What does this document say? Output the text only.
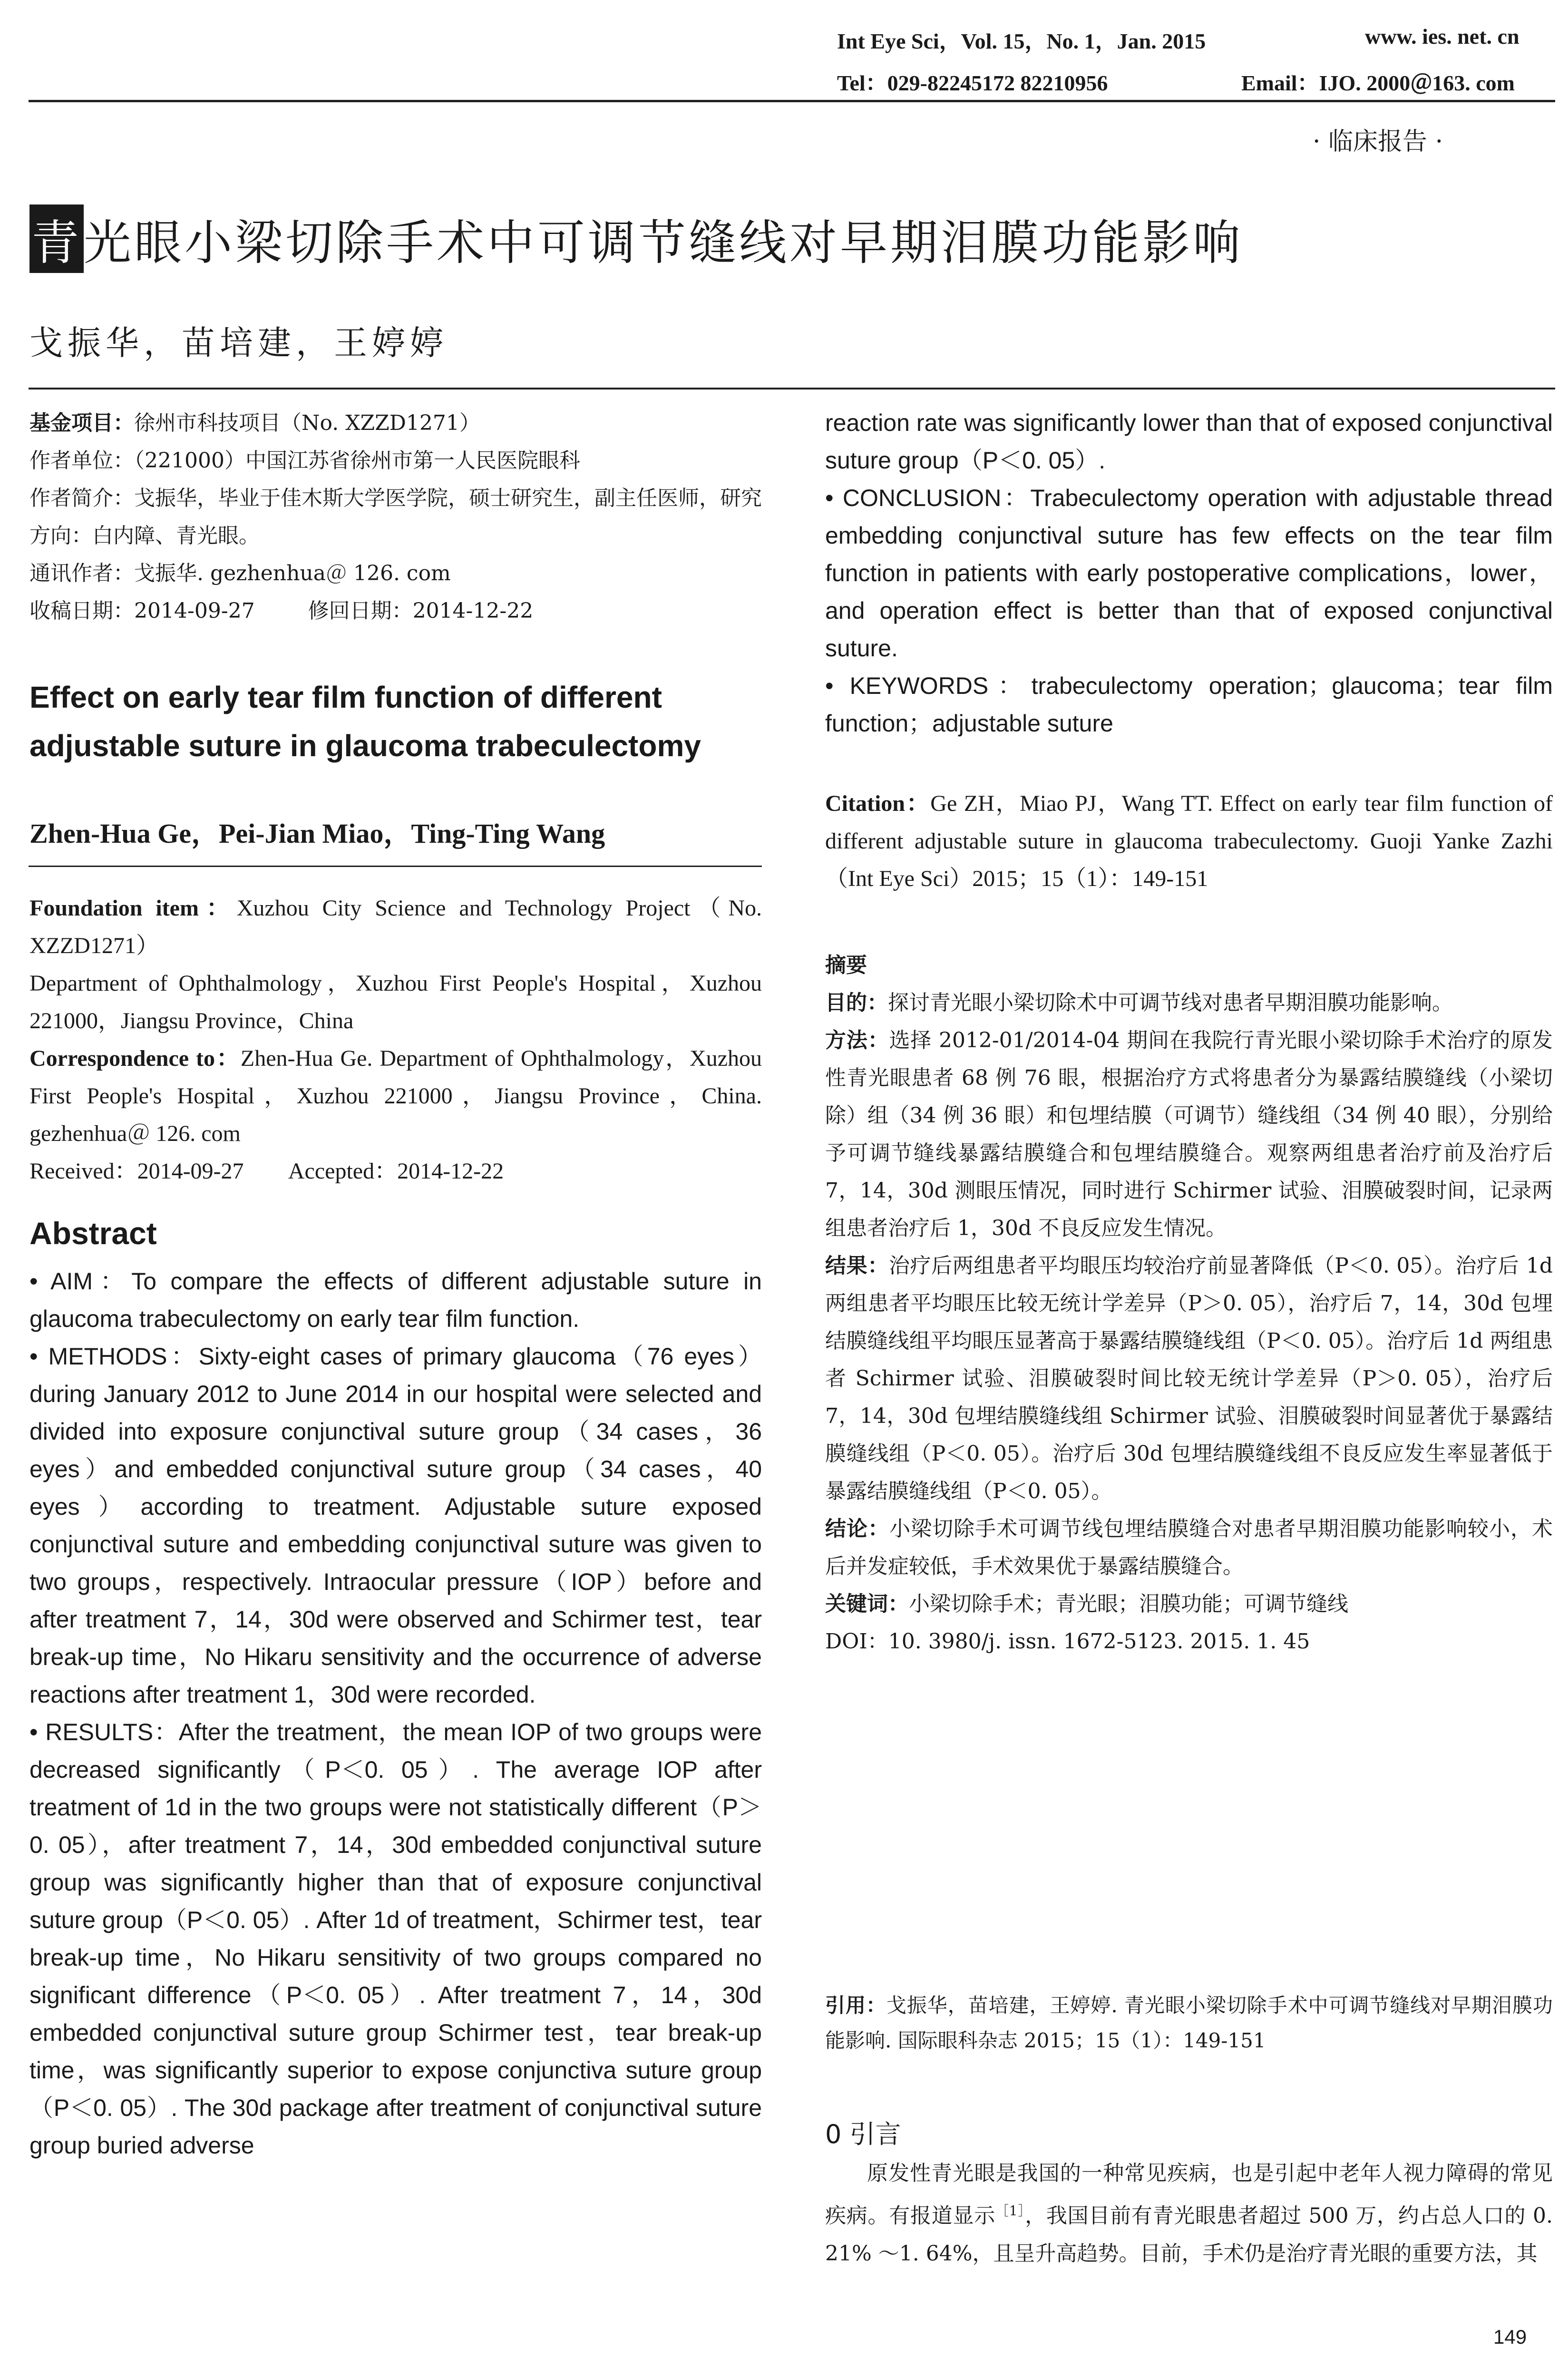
Int Eye Sci，Vol. 15，No. 1，Jan. 2015	www. ies. net. cn
Tel：029-82245172 82210956	Email：IJO. 2000＠163. com
· 临床报告 ·
青光眼小梁切除手术中可调节缝线对早期泪膜功能影响
戈振华，苗培建，王婷婷

基金项目：徐州市科技项目（No. XZZD1271）

作者单位：（221000）中国江苏省徐州市第一人民医院眼科

作者简介：戈振华，毕业于佳木斯大学医学院，硕士研究生，副主任医师，研究方向：白内障、青光眼。

通讯作者：戈振华. gezhenhua＠ 126. com

收稿日期：2014-09-27        修回日期：2014-12-22

Effect on early tear film function of different adjustable suture in glaucoma trabeculectomy
Zhen-Hua Ge，Pei-Jian Miao，Ting-Ting Wang

Foundation item：Xuzhou City Science and Technology Project（No. XZZD1271）

Department of Ophthalmology，Xuzhou First People's Hospital，Xuzhou 221000，Jiangsu Province，China

Correspondence to：Zhen-Hua Ge. Department of Ophthalmology，Xuzhou First People's Hospital，Xuzhou 221000，Jiangsu Province，China. gezhenhua＠ 126. com

Received：2014-09-27        Accepted：2014-12-22

Abstract

• AIM：To compare the effects of different adjustable suture in glaucoma trabeculectomy on early tear film function.

• METHODS：Sixty-eight cases of primary glaucoma（76 eyes）during January 2012 to June 2014 in our hospital were selected and divided into exposure conjunctival suture group（34 cases，36 eyes）and embedded conjunctival suture group（34 cases，40 eyes）according to treatment. Adjustable suture exposed conjunctival suture and embedding conjunctival suture was given to two groups，respectively. Intraocular pressure（IOP）before and after treatment 7，14，30d were observed and Schirmer test，tear break-up time，No Hikaru sensitivity and the occurrence of adverse reactions after treatment 1，30d were recorded.

• RESULTS：After the treatment，the mean IOP of two groups were decreased significantly（P＜0. 05）. The average IOP after treatment of 1d in the two groups were not statistically different（P＞0. 05），after treatment 7，14，30d embedded conjunctival suture group was significantly higher than that of exposure conjunctival suture group（P＜0. 05）. After 1d of treatment，Schirmer test，tear break-up time，No Hikaru sensitivity of two groups compared no significant difference（P＜0. 05）. After treatment 7，14，30d embedded conjunctival suture group Schirmer test，tear break-up time，was significantly superior to expose conjunctiva suture group（P＜0. 05）. The 30d package after treatment of conjunctival suture group buried adverse

reaction rate was significantly lower than that of exposed conjunctival suture group（P＜0. 05）.

• CONCLUSION：Trabeculectomy operation with adjustable thread embedding conjunctival suture has few effects on the tear film function in patients with early postoperative complications，lower，and operation effect is better than that of exposed conjunctival suture.

• KEYWORDS：trabeculectomy operation；glaucoma；tear film function；adjustable suture

Citation：Ge ZH，Miao PJ，Wang TT. Effect on early tear film function of different adjustable suture in glaucoma trabeculectomy. Guoji Yanke Zazhi（Int Eye Sci）2015；15（1）：149-151

摘要

目的：探讨青光眼小梁切除术中可调节线对患者早期泪膜功能影响。

方法：选择 2012-01/2014-04 期间在我院行青光眼小梁切除手术治疗的原发性青光眼患者 68 例 76 眼，根据治疗方式将患者分为暴露结膜缝线（小梁切除）组（34 例 36 眼）和包埋结膜（可调节）缝线组（34 例 40 眼），分别给予可调节缝线暴露结膜缝合和包埋结膜缝合。观察两组患者治疗前及治疗后 7，14，30d 测眼压情况，同时进行 Schirmer 试验、泪膜破裂时间，记录两组患者治疗后 1，30d 不良反应发生情况。

结果：治疗后两组患者平均眼压均较治疗前显著降低（P＜0. 05）。治疗后 1d 两组患者平均眼压比较无统计学差异（P＞0. 05），治疗后 7，14，30d 包埋结膜缝线组平均眼压显著高于暴露结膜缝线组（P＜0. 05）。治疗后 1d 两组患者 Schirmer 试验、泪膜破裂时间比较无统计学差异（P＞0. 05），治疗后 7，14，30d 包埋结膜缝线组 Schirmer 试验、泪膜破裂时间显著优于暴露结膜缝线组（P＜0. 05）。治疗后 30d 包埋结膜缝线组不良反应发生率显著低于暴露结膜缝线组（P＜0. 05）。

结论：小梁切除手术可调节线包埋结膜缝合对患者早期泪膜功能影响较小，术后并发症较低，手术效果优于暴露结膜缝合。

关键词：小梁切除手术；青光眼；泪膜功能；可调节缝线

DOI：10. 3980/j. issn. 1672-5123. 2015. 1. 45

引用：戈振华，苗培建，王婷婷. 青光眼小梁切除手术中可调节缝线对早期泪膜功能影响. 国际眼科杂志 2015；15（1）：149-151
0 引言
原发性青光眼是我国的一种常见疾病，也是引起中老年人视力障碍的常见疾病。有报道显示$^{[1]}$，我国目前有青光眼患者超过 500 万，约占总人口的 0. 21% ～1. 64%，且呈升高趋势。目前，手术仍是治疗青光眼的重要方法，其
149
